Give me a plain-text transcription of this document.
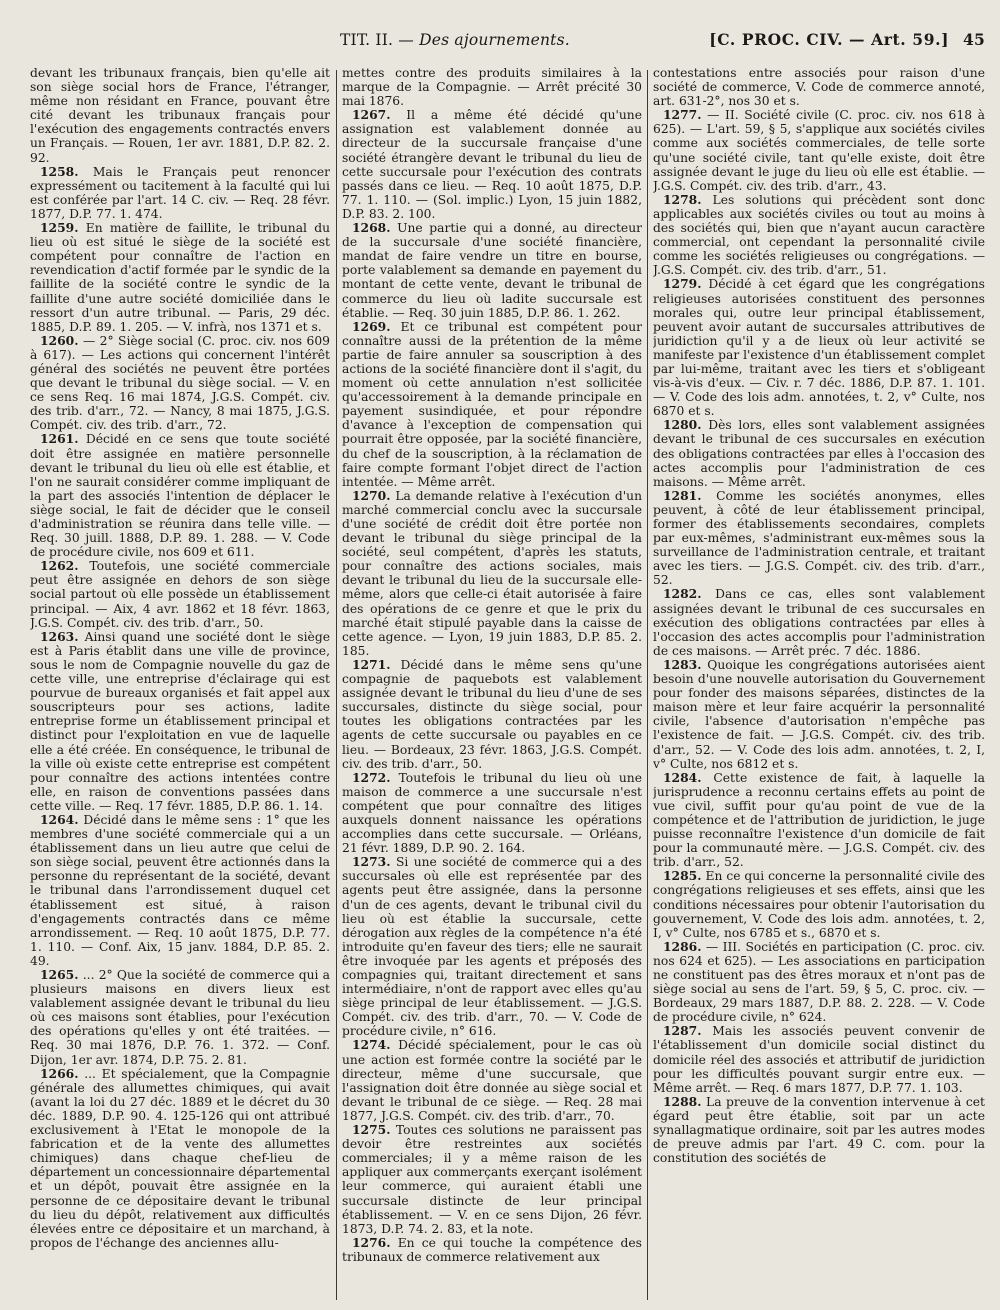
TIT. II. — Des ajournements.	[C. PROC. CIV. — Art. 59.] 45

devant les tribunaux français, bien qu'elle ait son siège social hors de France, l'étranger, même non résidant en France, pouvant être cité devant les tribunaux français pour l'exécution des engagements contractés envers un Français. — Rouen, 1er avr. 1881, D.P. 82. 2. 92.

1258. Mais le Français peut renoncer expressément ou tacitement à la faculté qui lui est conférée par l'art. 14 C. civ. — Req. 28 févr. 1877, D.P. 77. 1. 474.

1259. En matière de faillite, le tribunal du lieu où est situé le siège de la société est compétent pour connaître de l'action en revendication d'actif formée par le syndic de la faillite de la société contre le syndic de la faillite d'une autre société domiciliée dans le ressort d'un autre tribunal. — Paris, 29 déc. 1885, D.P. 89. 1. 205. — V. infrà, nos 1371 et s.

1260. — 2° Siège social (C. proc. civ. nos 609 à 617). — Les actions qui concernent l'intérêt général des sociétés ne peuvent être portées que devant le tribunal du siège social. — V. en ce sens Req. 16 mai 1874, J.G.S. Compét. civ. des trib. d'arr., 72. — Nancy, 8 mai 1875, J.G.S. Compét. civ. des trib. d'arr., 72.

1261. Décidé en ce sens que toute société doit être assignée en matière personnelle devant le tribunal du lieu où elle est établie, et l'on ne saurait considérer comme impliquant de la part des associés l'intention de déplacer le siège social, le fait de décider que le conseil d'administration se réunira dans telle ville. — Req. 30 juill. 1888, D.P. 89. 1. 288. — V. Code de procédure civile, nos 609 et 611.

1262. Toutefois, une société commerciale peut être assignée en dehors de son siège social partout où elle possède un établissement principal. — Aix, 4 avr. 1862 et 18 févr. 1863, J.G.S. Compét. civ. des trib. d'arr., 50.

1263. Ainsi quand une société dont le siège est à Paris établit dans une ville de province, sous le nom de Compagnie nouvelle du gaz de cette ville, une entreprise d'éclairage qui est pourvue de bureaux organisés et fait appel aux souscripteurs pour ses actions, ladite entreprise forme un établissement principal et distinct pour l'exploitation en vue de laquelle elle a été créée. En conséquence, le tribunal de la ville où existe cette entreprise est compétent pour connaître des actions intentées contre elle, en raison de conventions passées dans cette ville. — Req. 17 févr. 1885, D.P. 86. 1. 14.

1264. Décidé dans le même sens : 1° que les membres d'une société commerciale qui a un établissement dans un lieu autre que celui de son siège social, peuvent être actionnés dans la personne du représentant de la société, devant le tribunal dans l'arrondissement duquel cet établissement est situé, à raison d'engagements contractés dans ce même arrondissement. — Req. 10 août 1875, D.P. 77. 1. 110. — Conf. Aix, 15 janv. 1884, D.P. 85. 2. 49.

1265. ... 2° Que la société de commerce qui a plusieurs maisons en divers lieux est valablement assignée devant le tribunal du lieu où ces maisons sont établies, pour l'exécution des opérations qu'elles y ont été traitées. — Req. 30 mai 1876, D.P. 76. 1. 372. — Conf. Dijon, 1er avr. 1874, D.P. 75. 2. 81.

1266. ... Et spécialement, que la Compagnie générale des allumettes chimiques, qui avait (avant la loi du 27 déc. 1889 et le décret du 30 déc. 1889, D.P. 90. 4. 125-126 qui ont attribué exclusivement à l'Etat le monopole de la fabrication et de la vente des allumettes chimiques) dans chaque chef-lieu de département un concessionnaire départemental et un dépôt, pouvait être assignée en la personne de ce dépositaire devant le tribunal du lieu du dépôt, relativement aux difficultés élevées entre ce dépositaire et un marchand, à propos de l'échange des anciennes allu-

mettes contre des produits similaires à la marque de la Compagnie. — Arrêt précité 30 mai 1876.

1267. Il a même été décidé qu'une assignation est valablement donnée au directeur de la succursale française d'une société étrangère devant le tribunal du lieu de cette succursale pour l'exécution des contrats passés dans ce lieu. — Req. 10 août 1875, D.P. 77. 1. 110. — (Sol. implic.) Lyon, 15 juin 1882, D.P. 83. 2. 100.

1268. Une partie qui a donné, au directeur de la succursale d'une société financière, mandat de faire vendre un titre en bourse, porte valablement sa demande en payement du montant de cette vente, devant le tribunal de commerce du lieu où ladite succursale est établie. — Req. 30 juin 1885, D.P. 86. 1. 262.

1269. Et ce tribunal est compétent pour connaître aussi de la prétention de la même partie de faire annuler sa souscription à des actions de la société financière dont il s'agit, du moment où cette annulation n'est sollicitée qu'accessoirement à la demande principale en payement susindiquée, et pour répondre d'avance à l'exception de compensation qui pourrait être opposée, par la société financière, du chef de la souscription, à la réclamation de faire compte formant l'objet direct de l'action intentée. — Même arrêt.

1270. La demande relative à l'exécution d'un marché commercial conclu avec la succursale d'une société de crédit doit être portée non devant le tribunal du siège principal de la société, seul compétent, d'après les statuts, pour connaître des actions sociales, mais devant le tribunal du lieu de la succursale elle-même, alors que celle-ci était autorisée à faire des opérations de ce genre et que le prix du marché était stipulé payable dans la caisse de cette agence. — Lyon, 19 juin 1883, D.P. 85. 2. 185.

1271. Décidé dans le même sens qu'une compagnie de paquebots est valablement assignée devant le tribunal du lieu d'une de ses succursales, distincte du siège social, pour toutes les obligations contractées par les agents de cette succursale ou payables en ce lieu. — Bordeaux, 23 févr. 1863, J.G.S. Compét. civ. des trib. d'arr., 50.

1272. Toutefois le tribunal du lieu où une maison de commerce a une succursale n'est compétent que pour connaître des litiges auxquels donnent naissance les opérations accomplies dans cette succursale. — Orléans, 21 févr. 1889, D.P. 90. 2. 164.

1273. Si une société de commerce qui a des succursales où elle est représentée par des agents peut être assignée, dans la personne d'un de ces agents, devant le tribunal civil du lieu où est établie la succursale, cette dérogation aux règles de la compétence n'a été introduite qu'en faveur des tiers; elle ne saurait être invoquée par les agents et préposés des compagnies qui, traitant directement et sans intermédiaire, n'ont de rapport avec elles qu'au siège principal de leur établissement. — J.G.S. Compét. civ. des trib. d'arr., 70. — V. Code de procédure civile, n° 616.

1274. Décidé spécialement, pour le cas où une action est formée contre la société par le directeur, même d'une succursale, que l'assignation doit être donnée au siège social et devant le tribunal de ce siège. — Req. 28 mai 1877, J.G.S. Compét. civ. des trib. d'arr., 70.

1275. Toutes ces solutions ne paraissent pas devoir être restreintes aux sociétés commerciales; il y a même raison de les appliquer aux commerçants exerçant isolément leur commerce, qui auraient établi une succursale distincte de leur principal établissement. — V. en ce sens Dijon, 26 févr. 1873, D.P. 74. 2. 83, et la note.

1276. En ce qui touche la compétence des tribunaux de commerce relativement aux

contestations entre associés pour raison d'une société de commerce, V. Code de commerce annoté, art. 631-2°, nos 30 et s.

1277. — II. Société civile (C. proc. civ. nos 618 à 625). — L'art. 59, § 5, s'applique aux sociétés civiles comme aux sociétés commerciales, de telle sorte qu'une société civile, tant qu'elle existe, doit être assignée devant le juge du lieu où elle est établie. — J.G.S. Compét. civ. des trib. d'arr., 43.

1278. Les solutions qui précèdent sont donc applicables aux sociétés civiles ou tout au moins à des sociétés qui, bien que n'ayant aucun caractère commercial, ont cependant la personnalité civile comme les sociétés religieuses ou congrégations. — J.G.S. Compét. civ. des trib. d'arr., 51.

1279. Décidé à cet égard que les congrégations religieuses autorisées constituent des personnes morales qui, outre leur principal établissement, peuvent avoir autant de succursales attributives de juridiction qu'il y a de lieux où leur activité se manifeste par l'existence d'un établissement complet par lui-même, traitant avec les tiers et s'obligeant vis-à-vis d'eux. — Civ. r. 7 déc. 1886, D.P. 87. 1. 101. — V. Code des lois adm. annotées, t. 2, v° Culte, nos 6870 et s.

1280. Dès lors, elles sont valablement assignées devant le tribunal de ces succursales en exécution des obligations contractées par elles à l'occasion des actes accomplis pour l'administration de ces maisons. — Même arrêt.

1281. Comme les sociétés anonymes, elles peuvent, à côté de leur établissement principal, former des établissements secondaires, complets par eux-mêmes, s'administrant eux-mêmes sous la surveillance de l'administration centrale, et traitant avec les tiers. — J.G.S. Compét. civ. des trib. d'arr., 52.

1282. Dans ce cas, elles sont valablement assignées devant le tribunal de ces succursales en exécution des obligations contractées par elles à l'occasion des actes accomplis pour l'administration de ces maisons. — Arrêt préc. 7 déc. 1886.

1283. Quoique les congrégations autorisées aient besoin d'une nouvelle autorisation du Gouvernement pour fonder des maisons séparées, distinctes de la maison mère et leur faire acquérir la personnalité civile, l'absence d'autorisation n'empêche pas l'existence de fait. — J.G.S. Compét. civ. des trib. d'arr., 52. — V. Code des lois adm. annotées, t. 2, I, v° Culte, nos 6812 et s.

1284. Cette existence de fait, à laquelle la jurisprudence a reconnu certains effets au point de vue civil, suffit pour qu'au point de vue de la compétence et de l'attribution de juridiction, le juge puisse reconnaître l'existence d'un domicile de fait pour la communauté mère. — J.G.S. Compét. civ. des trib. d'arr., 52.

1285. En ce qui concerne la personnalité civile des congrégations religieuses et ses effets, ainsi que les conditions nécessaires pour obtenir l'autorisation du gouvernement, V. Code des lois adm. annotées, t. 2, I, v° Culte, nos 6785 et s., 6870 et s.

1286. — III. Sociétés en participation (C. proc. civ. nos 624 et 625). — Les associations en participation ne constituent pas des êtres moraux et n'ont pas de siège social au sens de l'art. 59, § 5, C. proc. civ. — Bordeaux, 29 mars 1887, D.P. 88. 2. 228. — V. Code de procédure civile, n° 624.

1287. Mais les associés peuvent convenir de l'établissement d'un domicile social distinct du domicile réel des associés et attributif de juridiction pour les difficultés pouvant surgir entre eux. — Même arrêt. — Req. 6 mars 1877, D.P. 77. 1. 103.

1288. La preuve de la convention intervenue à cet égard peut être établie, soit par un acte synallagmatique ordinaire, soit par les autres modes de preuve admis par l'art. 49 C. com. pour la constitution des sociétés de
